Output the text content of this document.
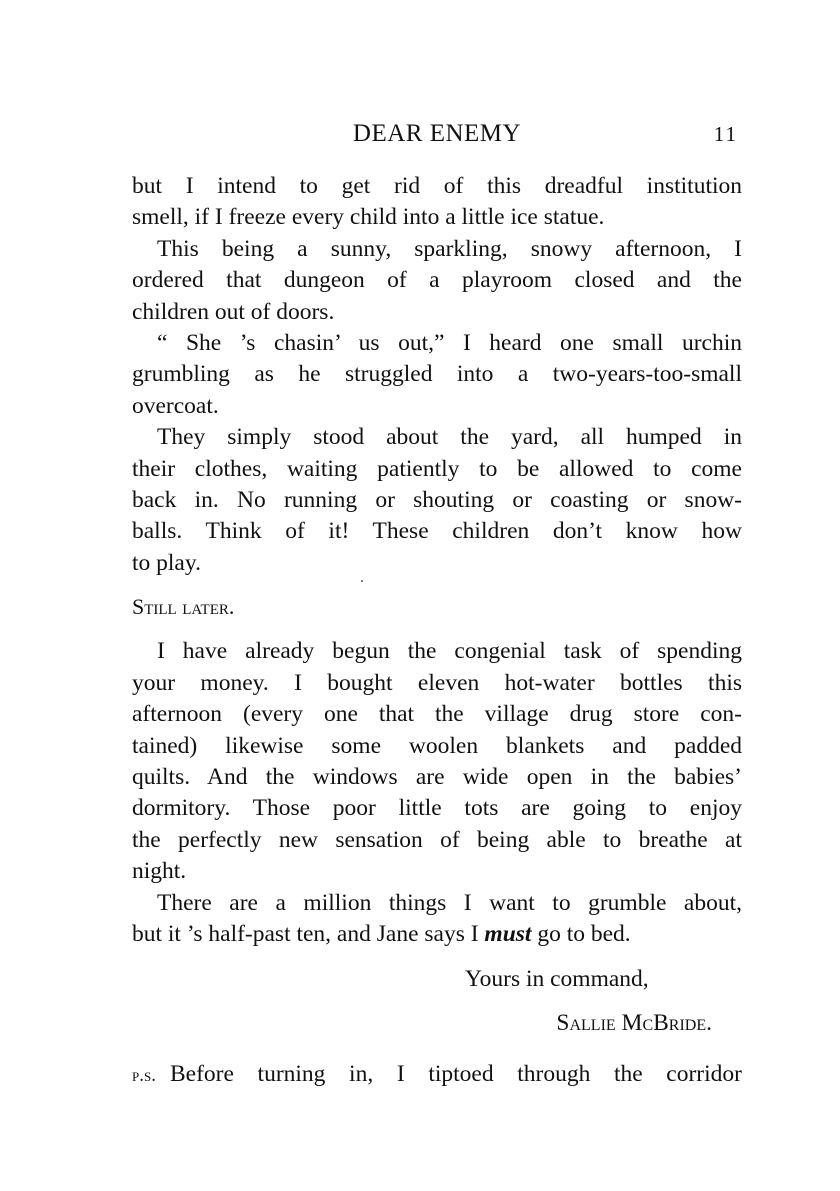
DEAR ENEMY	11
but I intend to get rid of this dreadful institution
smell, if I freeze every child into a little ice statue.
This being a sunny, sparkling, snowy afternoon, I
ordered that dungeon of a playroom closed and the
children out of doors.
“ She ’s chasin’ us out,” I heard one small urchin
grumbling as he struggled into a two-years-too-small
overcoat.
They simply stood about the yard, all humped in
their clothes, waiting patiently to be allowed to come
back in. No running or shouting or coasting or snow-
balls. Think of it! These children don’t know how
to play.
Still later.
I have already begun the congenial task of spending
your money. I bought eleven hot-water bottles this
afternoon (every one that the village drug store con-
tained) likewise some woolen blankets and padded
quilts. And the windows are wide open in the babies’
dormitory. Those poor little tots are going to enjoy
the perfectly new sensation of being able to breathe at
night.
There are a million things I want to grumble about,
but it ’s half-past ten, and Jane says I must go to bed.
Yours in command,
Sallie McBride.
p.s. Before turning in, I tiptoed through the corridor
